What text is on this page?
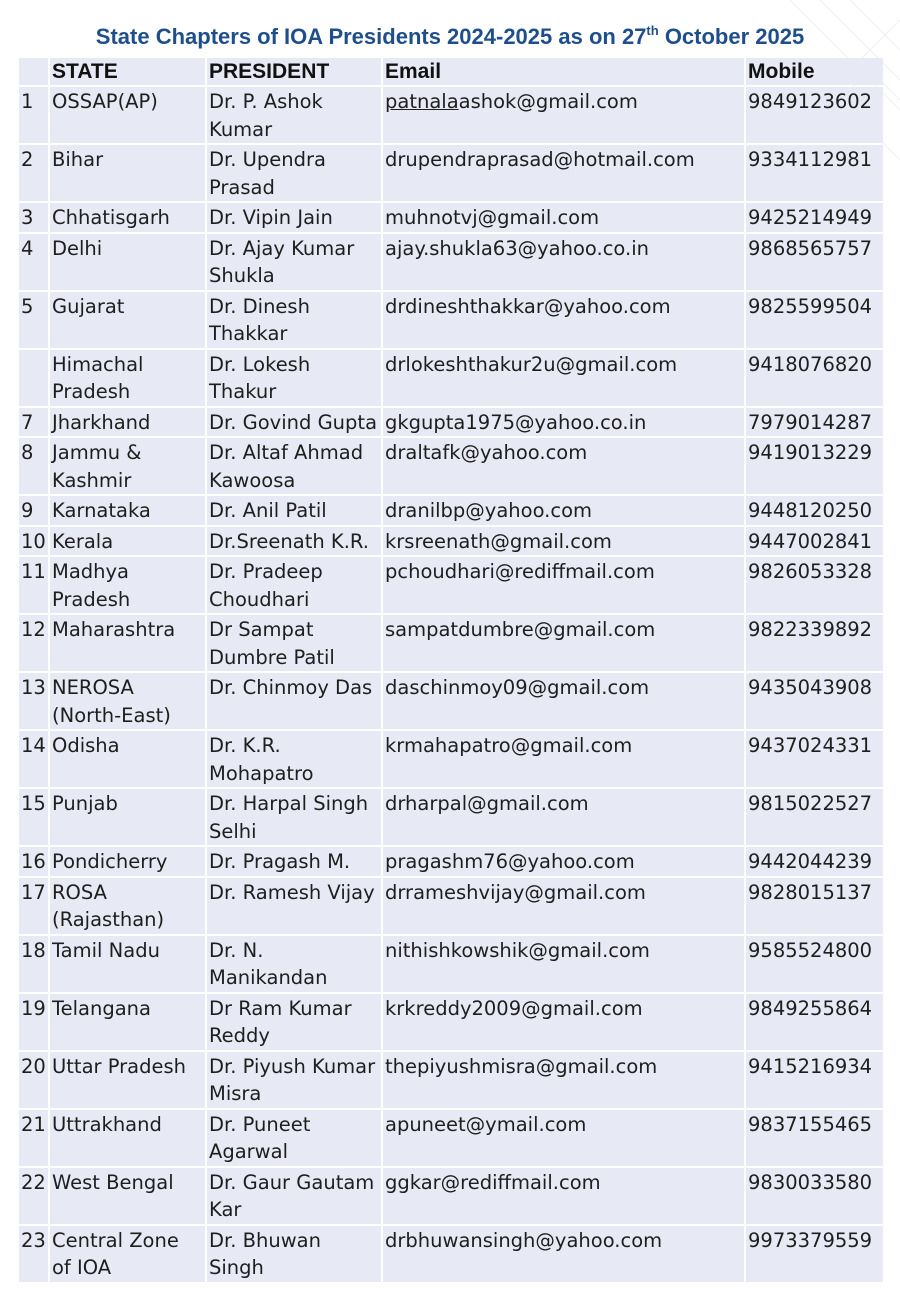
State Chapters of IOA Presidents 2024-2025 as on 27th October 2025
	STATE	PRESIDENT	Email	Mobile
1	OSSAP(AP)	Dr. P. Ashok Kumar	patnalaashok@gmail.com	9849123602
2	Bihar	Dr. Upendra Prasad	drupendraprasad@hotmail.com	9334112981
3	Chhatisgarh	Dr. Vipin Jain	muhnotvj@gmail.com	9425214949
4	Delhi	Dr. Ajay Kumar Shukla	ajay.shukla63@yahoo.co.in	9868565757
5	Gujarat	Dr. Dinesh Thakkar	drdineshthakkar@yahoo.com	9825599504
	Himachal Pradesh	Dr. Lokesh Thakur	drlokeshthakur2u@gmail.com	9418076820
7	Jharkhand	Dr. Govind Gupta	gkgupta1975@yahoo.co.in	7979014287
8	Jammu & Kashmir	Dr. Altaf Ahmad Kawoosa	draltafk@yahoo.com	9419013229
9	Karnataka	Dr. Anil Patil	dranilbp@yahoo.com	9448120250
10	Kerala	Dr.Sreenath K.R.	krsreenath@gmail.com	9447002841
11	Madhya Pradesh	Dr. Pradeep Choudhari	pchoudhari@rediffmail.com	9826053328
12	Maharashtra	Dr Sampat Dumbre Patil	sampatdumbre@gmail.com	9822339892
13	NEROSA (North-East)	Dr. Chinmoy Das	daschinmoy09@gmail.com	9435043908
14	Odisha	Dr. K.R. Mohapatro	krmahapatro@gmail.com	9437024331
15	Punjab	Dr. Harpal Singh Selhi	drharpal@gmail.com	9815022527
16	Pondicherry	Dr. Pragash M.	pragashm76@yahoo.com	9442044239
17	ROSA (Rajasthan)	Dr. Ramesh Vijay	drrameshvijay@gmail.com	9828015137
18	Tamil Nadu	Dr. N. Manikandan	nithishkowshik@gmail.com	9585524800
19	Telangana	Dr Ram Kumar Reddy	krkreddy2009@gmail.com	9849255864
20	Uttar Pradesh	Dr. Piyush Kumar Misra	thepiyushmisra@gmail.com	9415216934
21	Uttrakhand	Dr. Puneet Agarwal	apuneet@ymail.com	9837155465
22	West Bengal	Dr. Gaur Gautam Kar	ggkar@rediffmail.com	9830033580
23	Central Zone of IOA	Dr. Bhuwan Singh	drbhuwansingh@yahoo.com	9973379559
